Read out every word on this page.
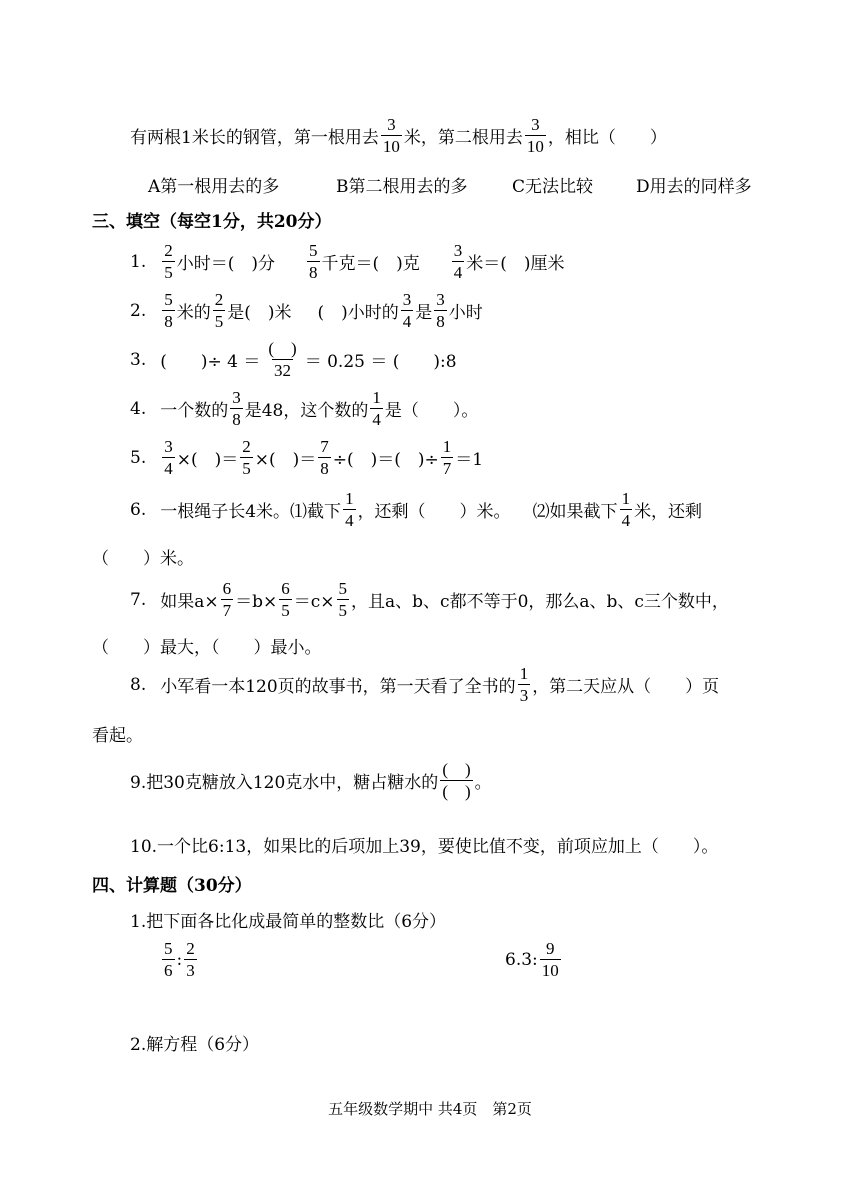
有两根1米长的钢管，第一根用去 $\frac{3}{10}$ 米，第二根用去 $\frac{3}{10}$ ，相比（　　）
A第一根用去的多	B第二根用去的多	C无法比较	D用去的同样多
三、填空（每空1分，共20分）
1. $\frac{2}{5}$ 小时＝(　)分 $\frac{5}{8}$ 千克＝(　)克 $\frac{3}{4}$ 米＝(　)厘米
2. $\frac{5}{8}$ 米的 $\frac{2}{5}$ 是(　)米 (　)小时的 $\frac{3}{4}$ 是 $\frac{3}{8}$ 小时
3. (　　)÷ $4 = \frac{( )}{32} = 0.25$ ＝ (　　):8
4. 一个数的 $\frac{3}{8}$ 是48，这个数的 $\frac{1}{4}$ 是（　　）。
5. $\frac{3}{4}$ ×(　)＝ $\frac{2}{5}$ ×(　)＝ $\frac{7}{8}$ ÷(　)＝(　)÷ $\frac{1}{7} =1$
6. 一根绳子长4米。⑴截下 $\frac{1}{4}$ ，还剩（　　）米。 ⑵如果截下 $\frac{1}{4}$ 米，还剩
（　　）米。
7. 如果$a\times \frac{6}{7} =b\times \frac{6}{5} =c\times \frac{5}{5}$ ，且a、b、c都不等于0，那么a、b、c三个数中，
（　　）最大，（　　）最小。
8. 小军看一本120页的故事书，第一天看了全书的 $\frac{1}{3}$ ，第二天应从（　　）页
看起。
9.把30克糖放入120克水中，糖占糖水的 $\frac{( )}{( )}$ 。
10.一个比6:13，如果比的后项加上39，要使比值不变，前项应加上（　　）。
四、计算题（30分）
1.把下面各比化成最简单的整数比（6分）
$\frac{5}{6}$ : $\frac{2}{3}$	6.3: $\frac{9}{10}$
2.解方程（6分）
五年级数学期中 共4页　第2页
